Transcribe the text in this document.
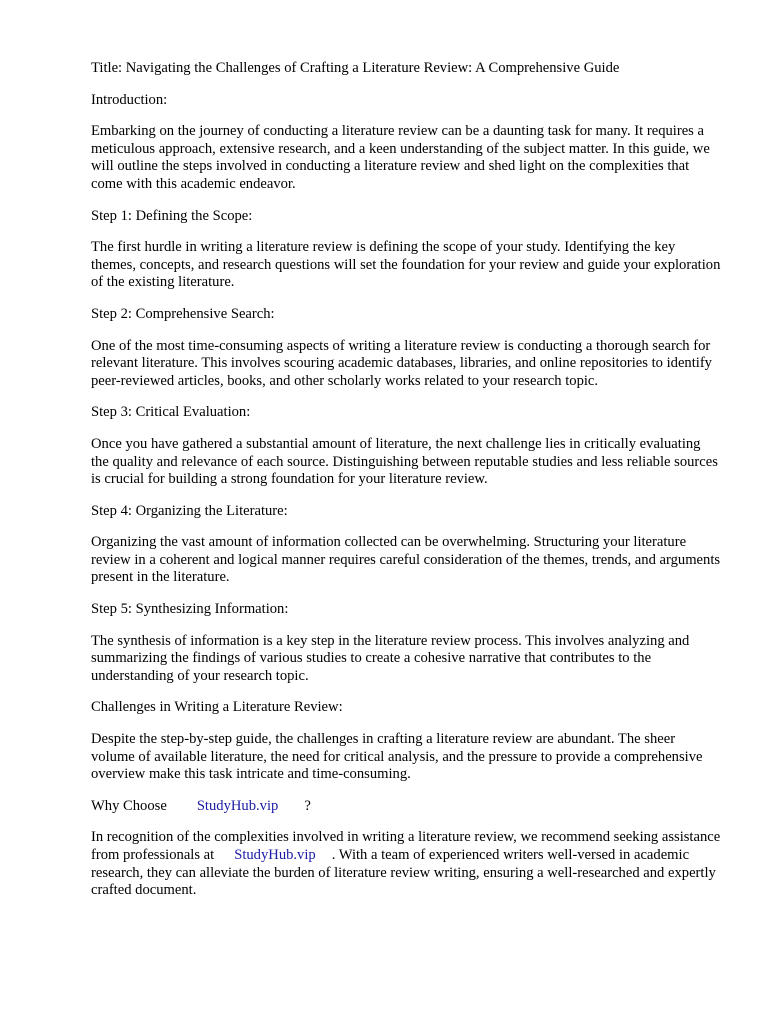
Title: Navigating the Challenges of Crafting a Literature Review: A Comprehensive Guide

Introduction:

Embarking on the journey of conducting a literature review can be a daunting task for many. It requires a meticulous approach, extensive research, and a keen understanding of the subject matter. In this guide, we will outline the steps involved in conducting a literature review and shed light on the complexities that come with this academic endeavor.

Step 1: Defining the Scope:

The first hurdle in writing a literature review is defining the scope of your study. Identifying the key themes, concepts, and research questions will set the foundation for your review and guide your exploration of the existing literature.

Step 2: Comprehensive Search:

One of the most time-consuming aspects of writing a literature review is conducting a thorough search for relevant literature. This involves scouring academic databases, libraries, and online repositories to identify peer-reviewed articles, books, and other scholarly works related to your research topic.

Step 3: Critical Evaluation:

Once you have gathered a substantial amount of literature, the next challenge lies in critically evaluating the quality and relevance of each source. Distinguishing between reputable studies and less reliable sources is crucial for building a strong foundation for your literature review.

Step 4: Organizing the Literature:

Organizing the vast amount of information collected can be overwhelming. Structuring your literature review in a coherent and logical manner requires careful consideration of the themes, trends, and arguments present in the literature.

Step 5: Synthesizing Information:

The synthesis of information is a key step in the literature review process. This involves analyzing and summarizing the findings of various studies to create a cohesive narrative that contributes to the understanding of your research topic.

Challenges in Writing a Literature Review:

Despite the step-by-step guide, the challenges in crafting a literature review are abundant. The sheer volume of available literature, the need for critical analysis, and the pressure to provide a comprehensive overview make this task intricate and time-consuming.

Why Choose StudyHub.vip ?

In recognition of the complexities involved in writing a literature review, we recommend seeking assistance from professionals at StudyHub.vip . With a team of experienced writers well-versed in academic research, they can alleviate the burden of literature review writing, ensuring a well-researched and expertly crafted document.
